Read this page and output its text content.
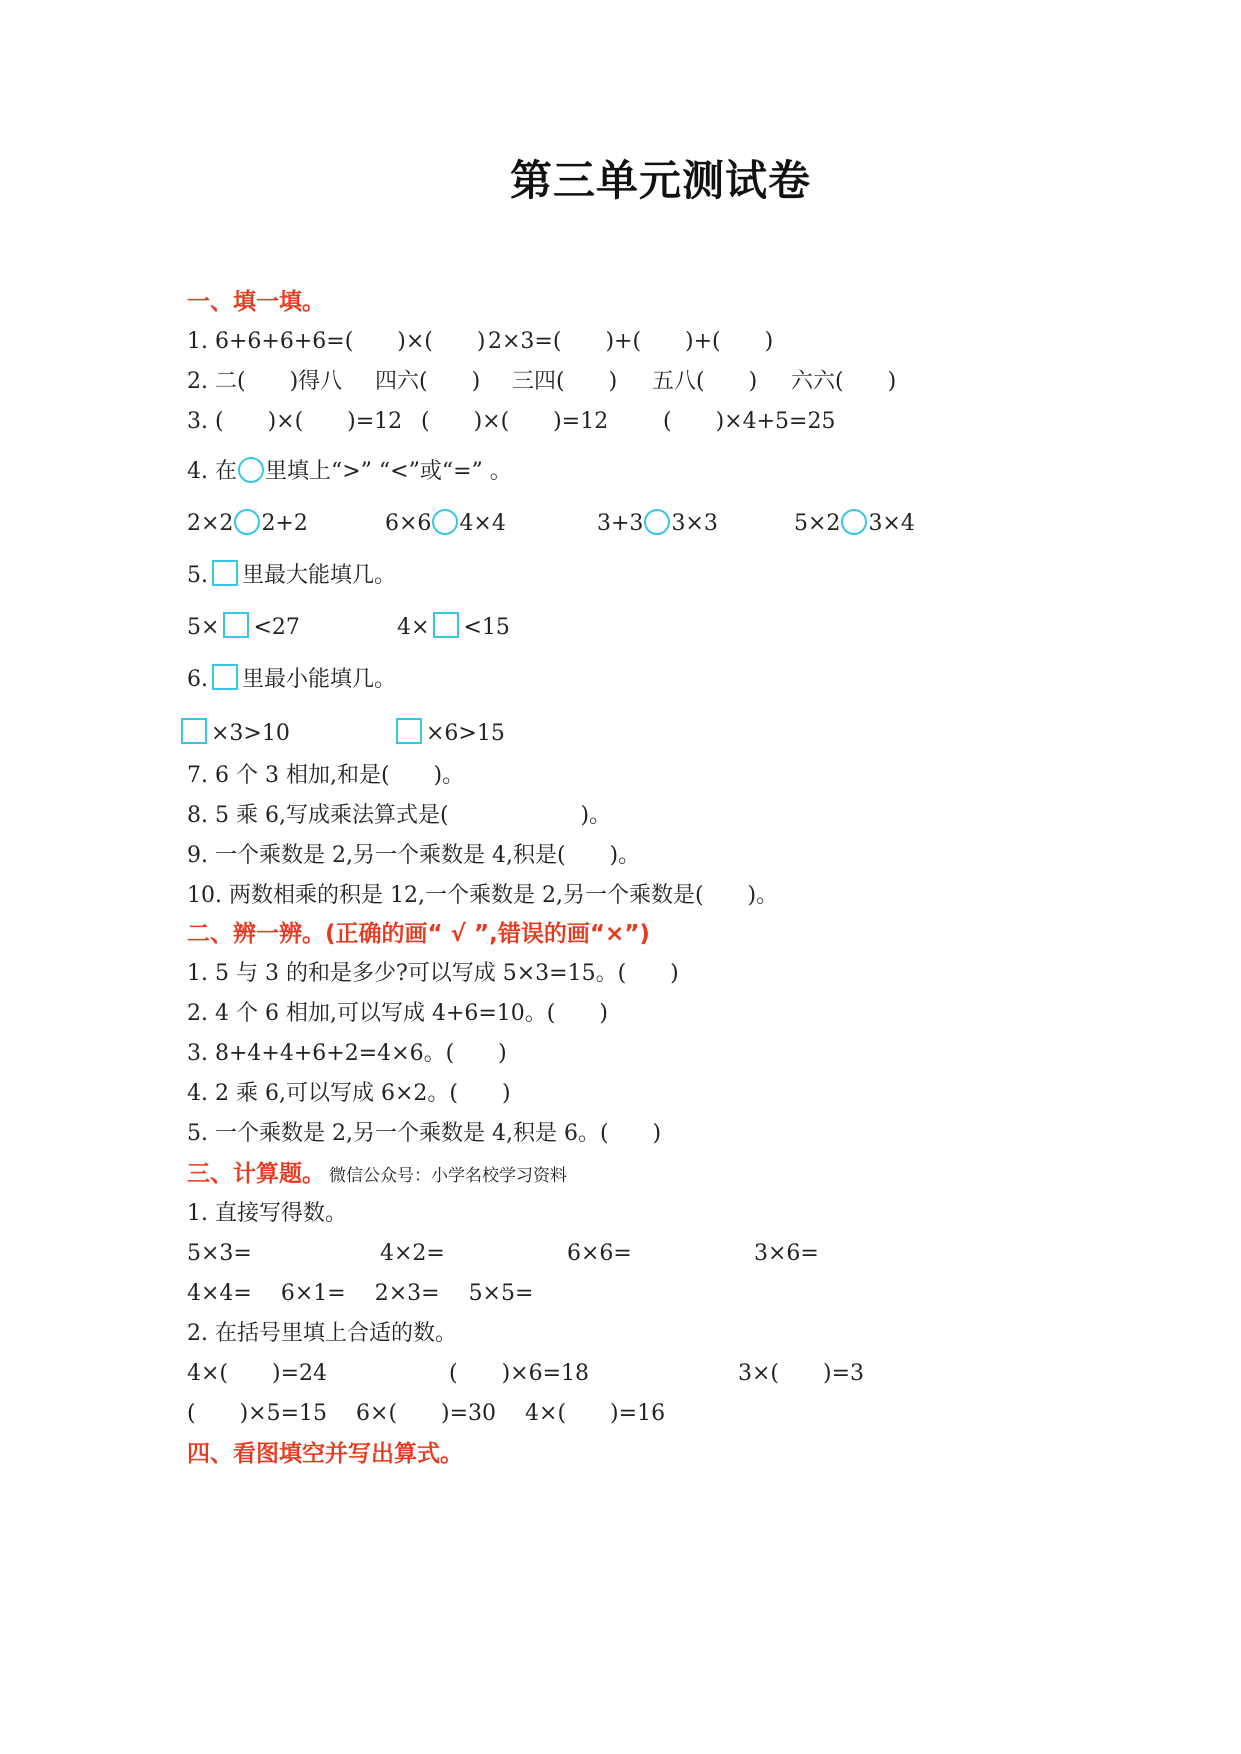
第三单元测试卷
一、填一填。
1. 6+6+6+6=(　　)×(　　) 2×3=(　　)+(　　)+(　　)
2. 二(　　)得八 四六(　　) 三四(　　) 五八(　　) 六六(　　)
3. (　　)×(　　)=12 (　　)×(　　)=12 (　　)×4+5=25
4. 在 里填上“>” “<”或“=” 。
2×2 2+2	6×6 4×4	3+3 3×3	5×2 3×4
5. 里最大能填几。
5× <27	4× <15
6. 里最小能填几。
×3>10	×6>15
7. 6 个 3 相加,和是(　　)。
8. 5 乘 6,写成乘法算式是(　　　　　　)。
9. 一个乘数是 2,另一个乘数是 4,积是(　　)。
10. 两数相乘的积是 12,一个乘数是 2,另一个乘数是(　　)。
二、辨一辨。(正确的画“ √ ”,错误的画“×”)
1. 5 与 3 的和是多少?可以写成 5×3=15。(　　)
2. 4 个 6 相加,可以写成 4+6=10。(　　)
3. 8+4+4+6+2=4×6。(　　)
4. 2 乘 6,可以写成 6×2。(　　)
5. 一个乘数是 2,另一个乘数是 4,积是 6。(　　)
三、计算题。 微信公众号：小学名校学习资料
1. 直接写得数。
5×3=	4×2=	6×6=	3×6=
4×4=　 6×1=　 2×3=　 5×5=
2. 在括号里填上合适的数。
4×(　　)=24	(　　)×6=18	3×(　　)=3
(　　)×5=15　 6×(　　)=30　 4×(　　)=16
四、看图填空并写出算式。
